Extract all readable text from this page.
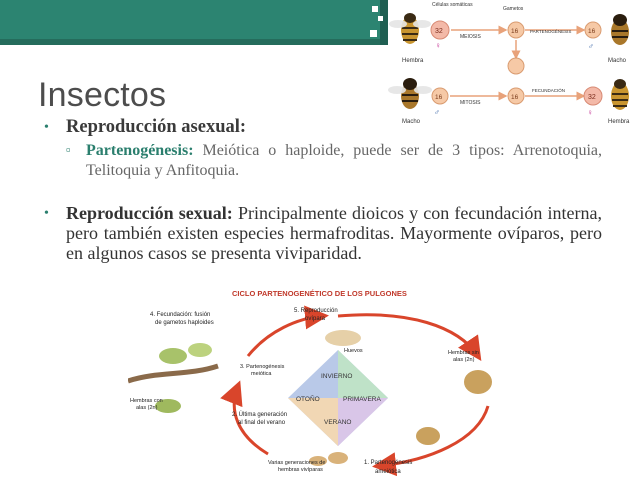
Insectos
• Reproducción asexual:
▫ Partenogénesis: Meiótica o haploide, puede ser de 3 tipos: Arrenotoquia, Telitoquia y Anfitoquia.
• Reproducción sexual: Principalmente dioicos y con fecundación interna, pero también existen especies hermafroditas. Mayormente ovíparos, pero en algunos casos se presenta viviparidad.
Hembra
Células somáticas
32
♀
MEIOSIS
Gametos
16	PARTENOGÉNESIS	16
♂
Macho
Macho
16
♂
MITOSIS
16
FECUNDACIÓN
32
♀
Hembra
CICLO PARTENOGENÉTICO DE LOS PULGONES
INVIERNO
OTOÑO	PRIMAVERA
VERANO
4. Fecundación: fusión
de gametos haploides
5. Reproducción
ovípara
Huevos	Hembras sin
alas (2n)
3. Partenogénesis
meiótica
Hembras con
alas (2n)
2. Última generación
al final del verano
Varias generaciones de
hembras vivíparas
1. Partenogénesis
ameiótica
